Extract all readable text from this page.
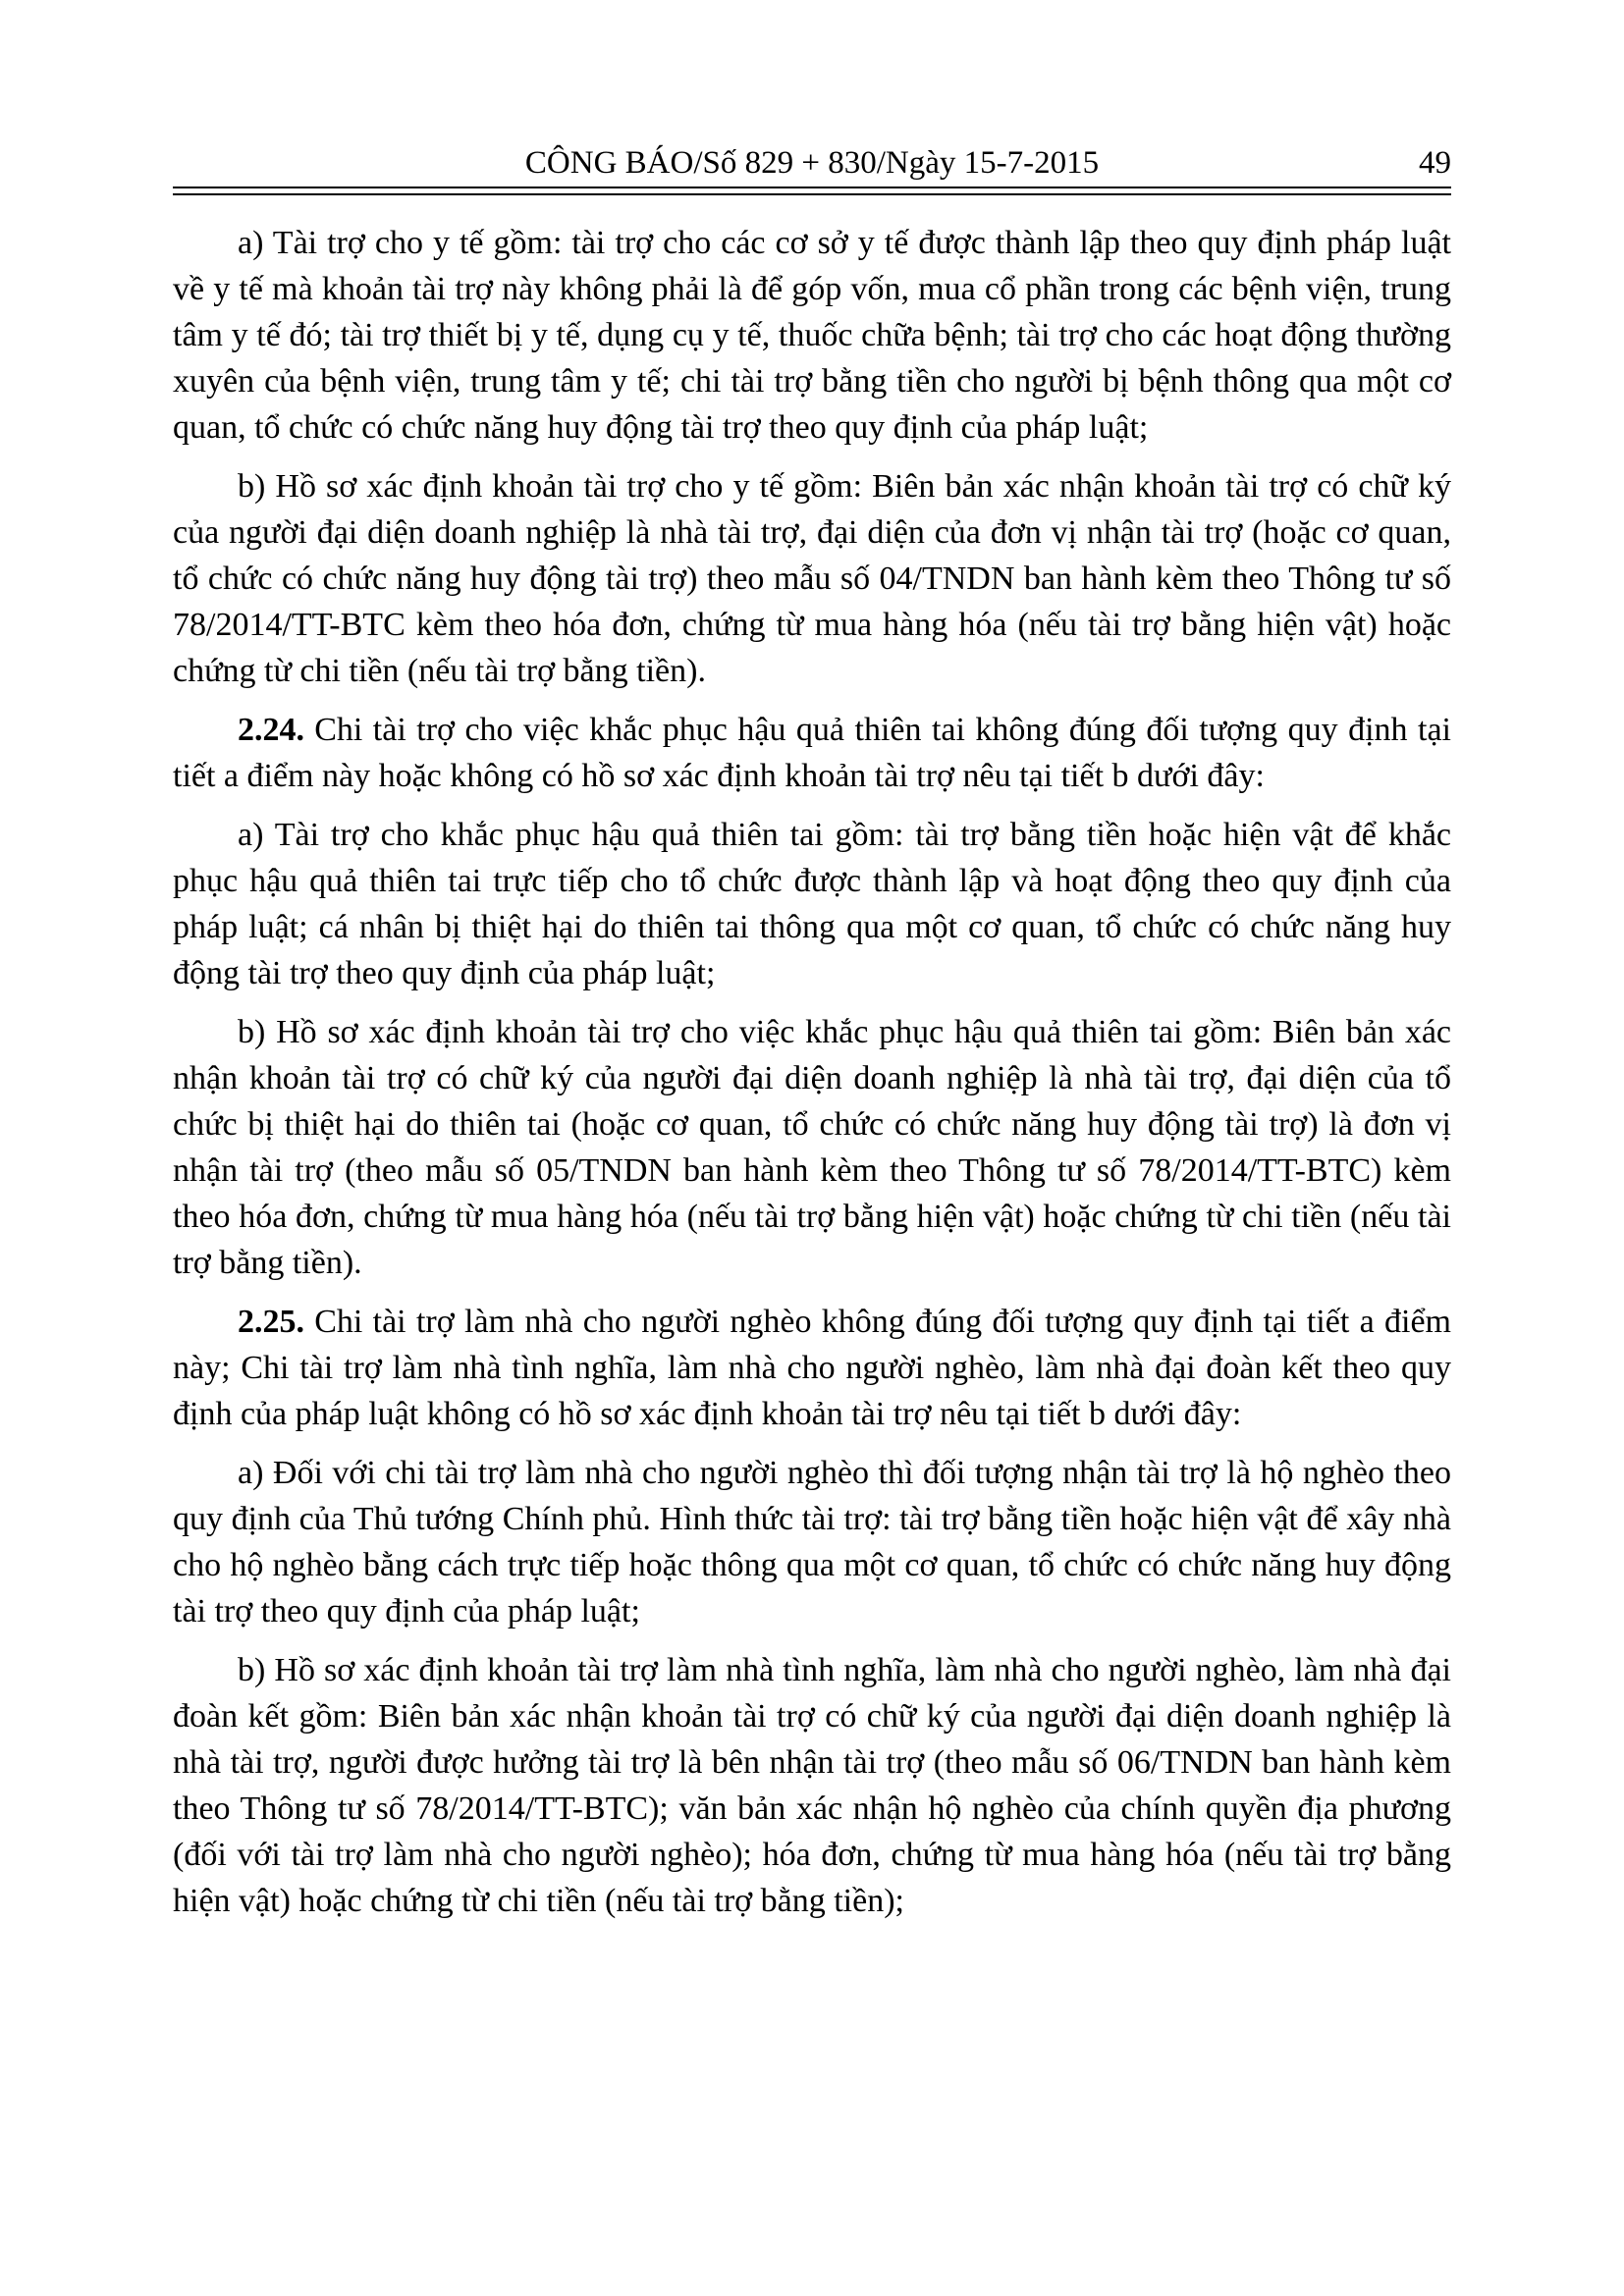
CÔNG BÁO/Số 829 + 830/Ngày 15-7-2015	49

a) Tài trợ cho y tế gồm: tài trợ cho các cơ sở y tế được thành lập theo quy định pháp luật về y tế mà khoản tài trợ này không phải là để góp vốn, mua cổ phần trong các bệnh viện, trung tâm y tế đó; tài trợ thiết bị y tế, dụng cụ y tế, thuốc chữa bệnh; tài trợ cho các hoạt động thường xuyên của bệnh viện, trung tâm y tế; chi tài trợ bằng tiền cho người bị bệnh thông qua một cơ quan, tổ chức có chức năng huy động tài trợ theo quy định của pháp luật;

b) Hồ sơ xác định khoản tài trợ cho y tế gồm: Biên bản xác nhận khoản tài trợ có chữ ký của người đại diện doanh nghiệp là nhà tài trợ, đại diện của đơn vị nhận tài trợ (hoặc cơ quan, tổ chức có chức năng huy động tài trợ) theo mẫu số 04/TNDN ban hành kèm theo Thông tư số 78/2014/TT-BTC kèm theo hóa đơn, chứng từ mua hàng hóa (nếu tài trợ bằng hiện vật) hoặc chứng từ chi tiền (nếu tài trợ bằng tiền).

2.24. Chi tài trợ cho việc khắc phục hậu quả thiên tai không đúng đối tượng quy định tại tiết a điểm này hoặc không có hồ sơ xác định khoản tài trợ nêu tại tiết b dưới đây:

a) Tài trợ cho khắc phục hậu quả thiên tai gồm: tài trợ bằng tiền hoặc hiện vật để khắc phục hậu quả thiên tai trực tiếp cho tổ chức được thành lập và hoạt động theo quy định của pháp luật; cá nhân bị thiệt hại do thiên tai thông qua một cơ quan, tổ chức có chức năng huy động tài trợ theo quy định của pháp luật;

b) Hồ sơ xác định khoản tài trợ cho việc khắc phục hậu quả thiên tai gồm: Biên bản xác nhận khoản tài trợ có chữ ký của người đại diện doanh nghiệp là nhà tài trợ, đại diện của tổ chức bị thiệt hại do thiên tai (hoặc cơ quan, tổ chức có chức năng huy động tài trợ) là đơn vị nhận tài trợ (theo mẫu số 05/TNDN ban hành kèm theo Thông tư số 78/2014/TT-BTC) kèm theo hóa đơn, chứng từ mua hàng hóa (nếu tài trợ bằng hiện vật) hoặc chứng từ chi tiền (nếu tài trợ bằng tiền).

2.25. Chi tài trợ làm nhà cho người nghèo không đúng đối tượng quy định tại tiết a điểm này; Chi tài trợ làm nhà tình nghĩa, làm nhà cho người nghèo, làm nhà đại đoàn kết theo quy định của pháp luật không có hồ sơ xác định khoản tài trợ nêu tại tiết b dưới đây:

a) Đối với chi tài trợ làm nhà cho người nghèo thì đối tượng nhận tài trợ là hộ nghèo theo quy định của Thủ tướng Chính phủ. Hình thức tài trợ: tài trợ bằng tiền hoặc hiện vật để xây nhà cho hộ nghèo bằng cách trực tiếp hoặc thông qua một cơ quan, tổ chức có chức năng huy động tài trợ theo quy định của pháp luật;

b) Hồ sơ xác định khoản tài trợ làm nhà tình nghĩa, làm nhà cho người nghèo, làm nhà đại đoàn kết gồm: Biên bản xác nhận khoản tài trợ có chữ ký của người đại diện doanh nghiệp là nhà tài trợ, người được hưởng tài trợ là bên nhận tài trợ (theo mẫu số 06/TNDN ban hành kèm theo Thông tư số 78/2014/TT-BTC); văn bản xác nhận hộ nghèo của chính quyền địa phương (đối với tài trợ làm nhà cho người nghèo); hóa đơn, chứng từ mua hàng hóa (nếu tài trợ bằng hiện vật) hoặc chứng từ chi tiền (nếu tài trợ bằng tiền);
